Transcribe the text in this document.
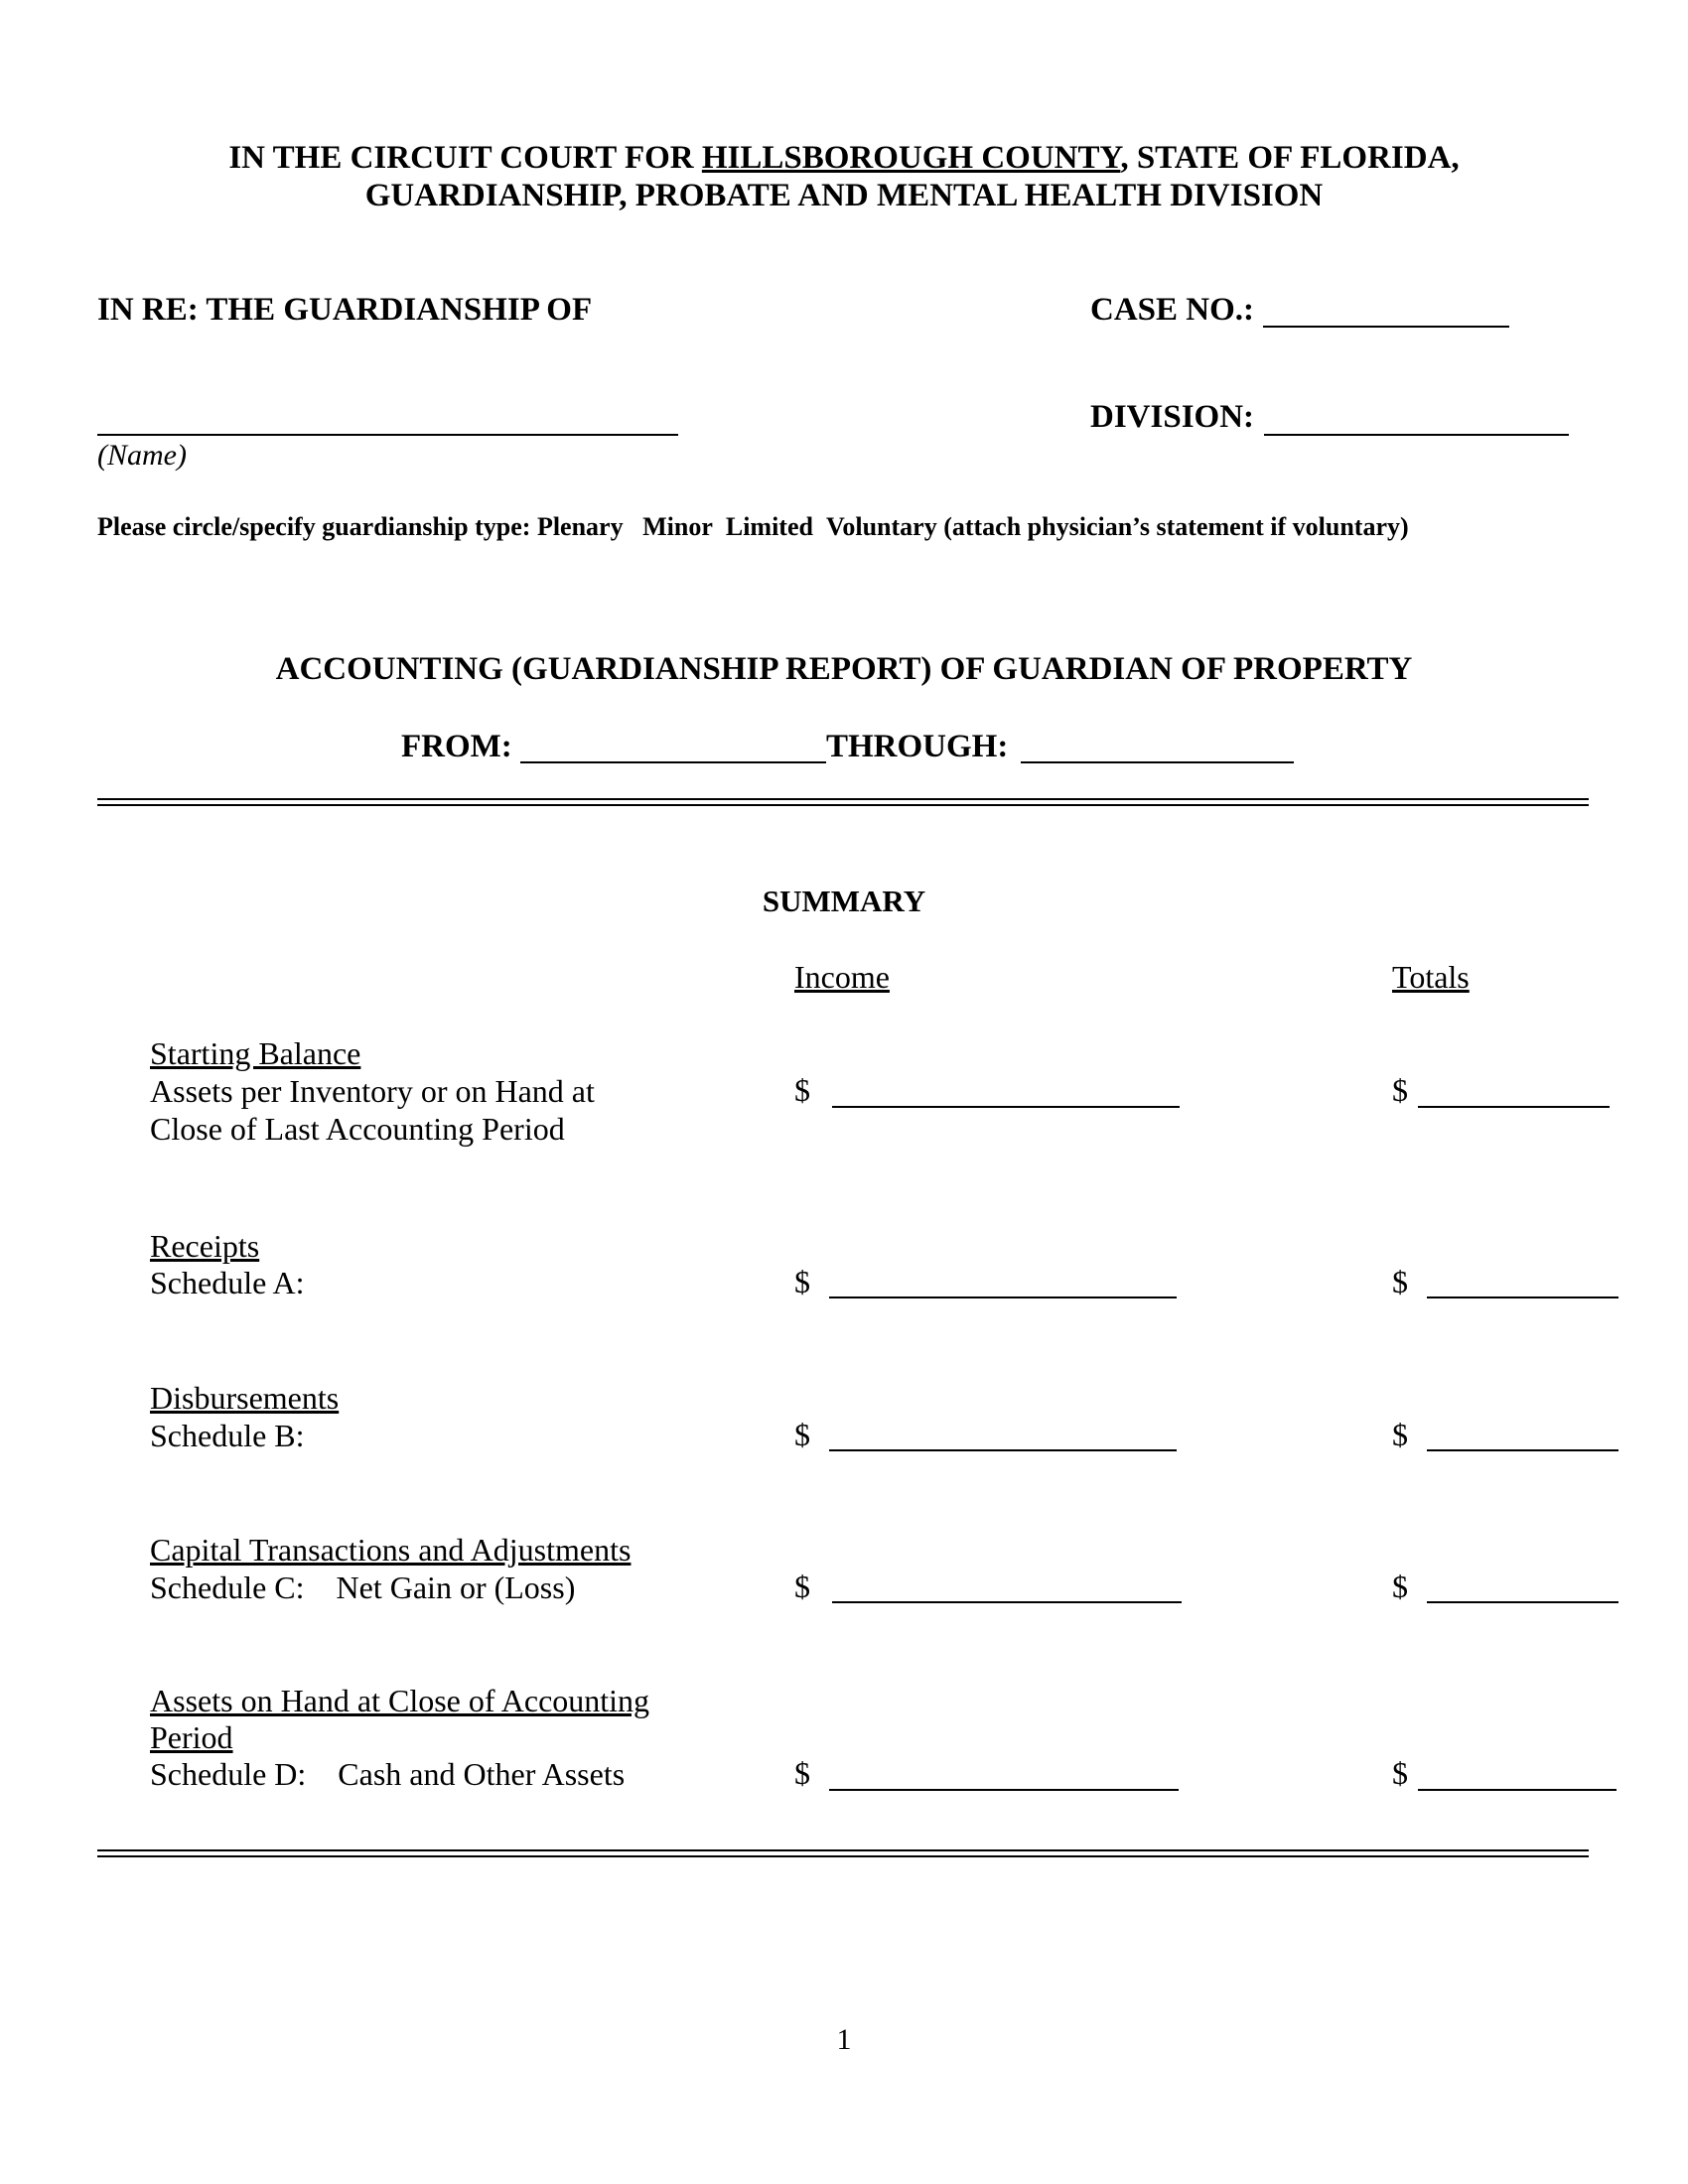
IN THE CIRCUIT COURT FOR HILLSBOROUGH COUNTY, STATE OF FLORIDA,
GUARDIANSHIP, PROBATE AND MENTAL HEALTH DIVISION
IN RE: THE GUARDIANSHIP OF	CASE NO.:
DIVISION:
(Name)
Please circle/specify guardianship type: Plenary Minor Limited Voluntary (attach physician’s statement if voluntary)
ACCOUNTING (GUARDIANSHIP REPORT) OF GUARDIAN OF PROPERTY
FROM:	THROUGH:
SUMMARY
Income	Totals
Starting Balance
Assets per Inventory or on Hand at
Close of Last Accounting Period
$	$
Receipts
Schedule A:	$	$
Disbursements
Schedule B:	$	$
Capital Transactions and Adjustments
Schedule C:    Net Gain or (Loss)	$	$
Assets on Hand at Close of Accounting
Period
Schedule D:    Cash and Other Assets	$	$
1
